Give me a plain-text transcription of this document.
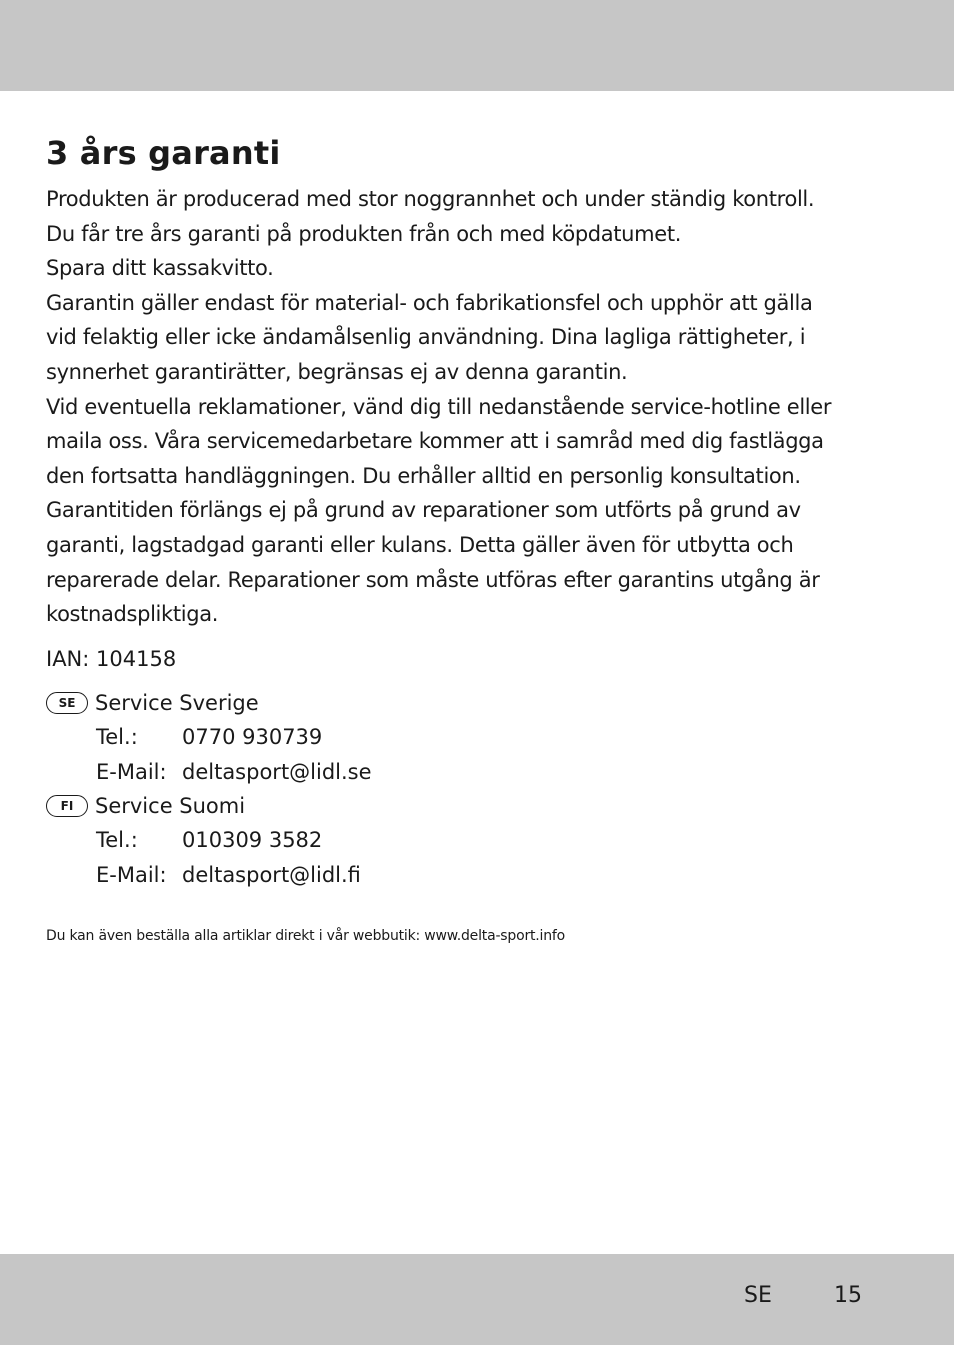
3 års garanti

Produkten är producerad med stor noggrannhet och under ständig kontroll.

Du får tre års garanti på produkten från och med köpdatumet.

Spara ditt kassakvitto.

Garantin gäller endast för material- och fabrikationsfel och upphör att gälla

vid felaktig eller icke ändamålsenlig användning. Dina lagliga rättigheter, i

synnerhet garantirätter, begränsas ej av denna garantin.

Vid eventuella reklamationer, vänd dig till nedanstående service-hotline eller

maila oss. Våra servicemedarbetare kommer att i samråd med dig fastlägga

den fortsatta handläggningen. Du erhåller alltid en personlig konsultation.

Garantitiden förlängs ej på grund av reparationer som utförts på grund av

garanti, lagstadgad garanti eller kulans. Detta gäller även för utbytta och

reparerade delar. Reparationer som måste utföras efter garantins utgång är

kostnadspliktiga.

IAN: 104158
SE Service Sverige
Tel.:	0770 930739
E-Mail: deltasport@lidl.se
FI	Service Suomi
Tel.:	010309 3582
E-Mail: deltasport@lidl.fi
Du kan även beställa alla artiklar direkt i vår webbutik: www.delta-sport.info
SE	15
